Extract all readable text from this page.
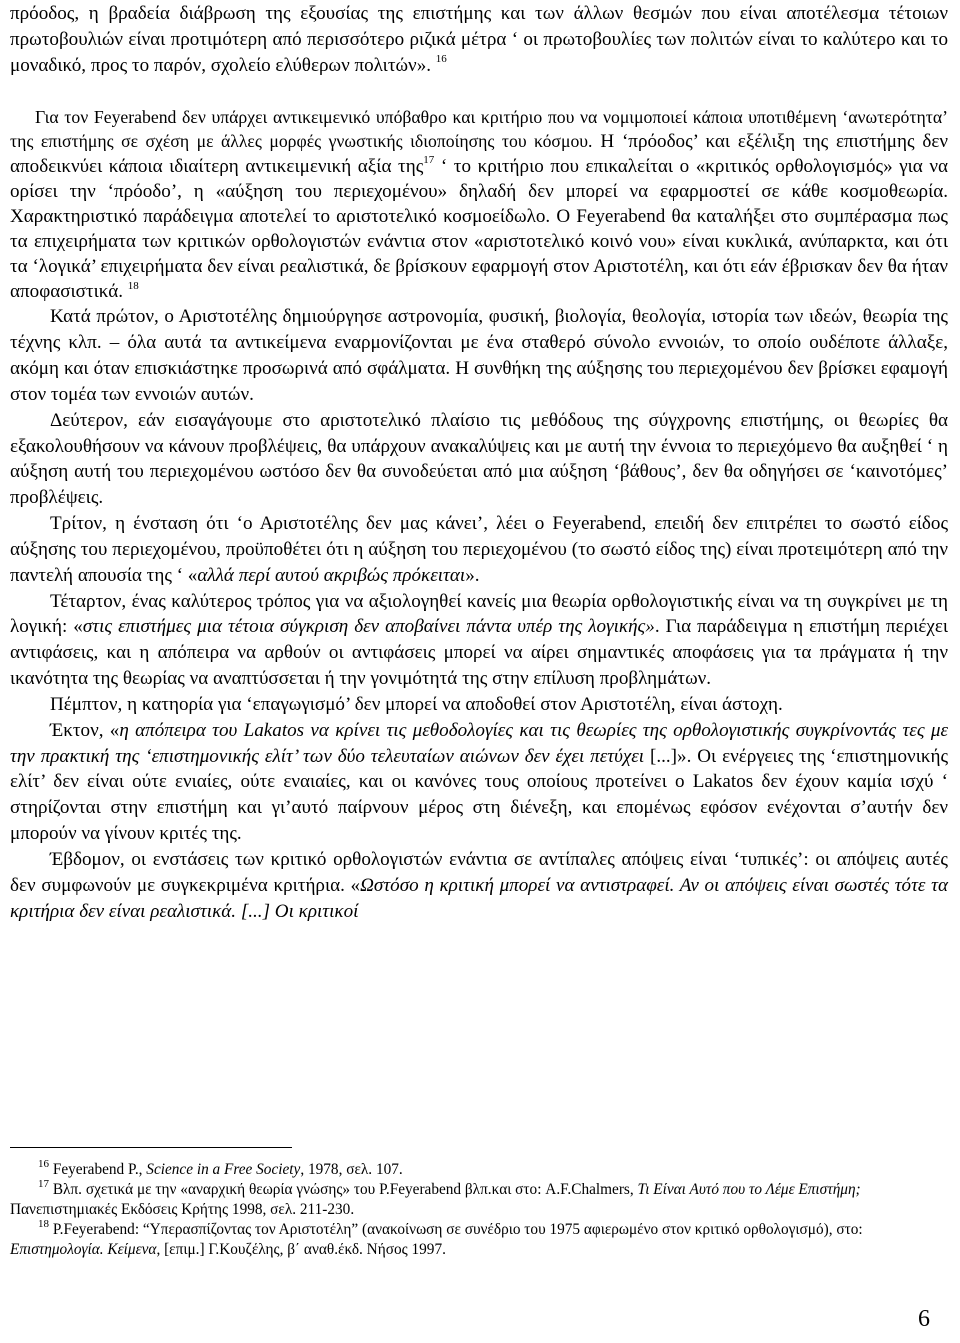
πρόοδος, η βραδεία διάβρωση της εξουσίας της επιστήμης και των άλλων θεσμών που είναι αποτέλεσμα τέτοιων πρωτοβουλιών είναι προτιμότερη από περισσότερο ριζικά μέτρα ‘ οι πρωτοβουλίες των πολιτών είναι το καλύτερο και το μοναδικό, προς το παρόν, σχολείο ελύθερων πολιτών». $^{16}$

Για τον Feyerabend δεν υπάρχει αντικειμενικό υπόβαθρο και κριτήριο που να νομιμοποιεί κάποια υποτιθέμενη ‘ανωτερότητα’ της επιστήμης σε σχέση με άλλες μορφές γνωστικής ιδιοποίησης του κόσμου. Η ‘πρόοδος’ και εξέλιξη της επιστήμης δεν αποδεικνύει κάποια ιδιαίτερη αντικειμενική αξία της$^{17}$ ‘ το κριτήριο που επικαλείται ο «κριτικός ορθολογισμός» για να ορίσει την ‘πρόοδο’, η «αύξηση του περιεχομένου» δηλαδή δεν μπορεί να εφαρμοστεί σε κάθε κοσμοθεωρία. Χαρακτηριστικό παράδειγμα αποτελεί το αριστοτελικό κοσμοείδωλο. Ο Feyerabend θα καταλήξει στο συμπέρασμα πως τα επιχειρήματα των κριτικών ορθολογιστών ενάντια στον «αριστοτελικό κοινό νου» είναι κυκλικά, ανύπαρκτα, και ότι τα ‘λογικά’ επιχειρήματα δεν είναι ρεαλιστικά, δε βρίσκουν εφαρμογή στον Αριστοτέλη, και ότι εάν έβρισκαν δεν θα ήταν αποφασιστικά. $^{18}$

Κατά πρώτον, ο Αριστοτέλης δημιούργησε αστρονομία, φυσική, βιολογία, θεολογία, ιστορία των ιδεών, θεωρία της τέχνης κλπ. – όλα αυτά τα αντικείμενα εναρμονίζονται με ένα σταθερό σύνολο εννοιών, το οποίο ουδέποτε άλλαξε, ακόμη και όταν επισκιάστηκε προσωρινά από σφάλματα. Η συνθήκη της αύξησης του περιεχομένου δεν βρίσκει εφαμογή στον τομέα των εννοιών αυτών.

Δεύτερον, εάν εισαγάγουμε στο αριστοτελικό πλαίσιο τις μεθόδους της σύγχρονης επιστήμης, οι θεωρίες θα εξακολουθήσουν να κάνουν προβλέψεις, θα υπάρχουν ανακαλύψεις και με αυτή την έννοια το περιεχόμενο θα αυξηθεί ‘ η αύξηση αυτή του περιεχομένου ωστόσο δεν θα συνοδεύεται από μια αύξηση ‘βάθους’, δεν θα οδηγήσει σε ‘καινοτόμες’ προβλέψεις.

Τρίτον, η ένσταση ότι ‘ο Αριστοτέλης δεν μας κάνει’, λέει ο Feyerabend, επειδή δεν επιτρέπει το σωστό είδος αύξησης του περιεχομένου, προϋποθέτει ότι η αύξηση του περιεχομένου (το σωστό είδος της) είναι προτειμότερη από την παντελή απουσία της ‘ «αλλά περί αυτού ακριβώς πρόκειται».

Τέταρτον, ένας καλύτερος τρόπος για να αξιολογηθεί κανείς μια θεωρία ορθολογιστικής είναι να τη συγκρίνει με τη λογική: «στις επιστήμες μια τέτοια σύγκριση δεν αποβαίνει πάντα υπέρ της λογικής». Για παράδειγμα η επιστήμη περιέχει αντιφάσεις, και η απόπειρα να αρθούν οι αντιφάσεις μπορεί να αίρει σημαντικές αποφάσεις για τα πράγματα ή την ικανότητα της θεωρίας να αναπτύσσεται ή την γονιμότητά της στην επίλυση προβλημάτων.

Πέμπτον, η κατηορία για ‘επαγωγισμό’ δεν μπορεί να αποδοθεί στον Αριστοτέλη, είναι άστοχη.

Έκτον, «η απόπειρα του Lakatos να κρίνει τις μεθοδολογίες και τις θεωρίες της ορθολογιστικής συγκρίνοντάς τες με την πρακτική της ‘επιστημονικής ελίτ’ των δύο τελευταίων αιώνων δεν έχει πετύχει [...]». Οι ενέργειες της ‘επιστημονικής ελίτ’ δεν είναι ούτε ενιαίες, ούτε εναιαίες, και οι κανόνες τους οποίους προτείνει ο Lakatos δεν έχουν καμία ισχύ ‘ στηρίζονται στην επιστήμη και γι’αυτό παίρνουν μέρος στη διένεξη, και επομένως εφόσον ενέχονται σ’αυτήν δεν μπορούν να γίνουν κριτές της.

Έβδομον, οι ενστάσεις των κριτικό ορθολογιστών ενάντια σε αντίπαλες απόψεις είναι ‘τυπικές’: οι απόψεις αυτές δεν συμφωνούν με συγκεκριμένα κριτήρια. «Ωστόσο η κριτική μπορεί να αντιστραφεί. Αν οι απόψεις είναι σωστές τότε τα κριτήρια δεν είναι ρεαλιστικά. [...] Οι κριτικοί

$^{16}$ Feyerabend P., Science in a Free Society, 1978, σελ. 107.

$^{17}$ Βλπ. σχετικά με την «αναρχική θεωρία γνώσης» του P.Feyerabend βλπ.και στο: A.F.Chalmers, Τι Είναι Αυτό που το Λέμε Επιστήμη; Πανεπιστημιακές Εκδόσεις Κρήτης 1998, σελ. 211-230.

$^{18}$ P.Feyerabend: “Υπερασπίζοντας τον Αριστοτέλη” (ανακοίνωση σε συνέδριο του 1975 αφιερωμένο στον κριτικό ορθολογισμό), στο: Επιστημολογία. Κείμενα, [επιμ.] Γ.Κουζέλης, β΄ αναθ.έκδ. Νήσος 1997.

6
